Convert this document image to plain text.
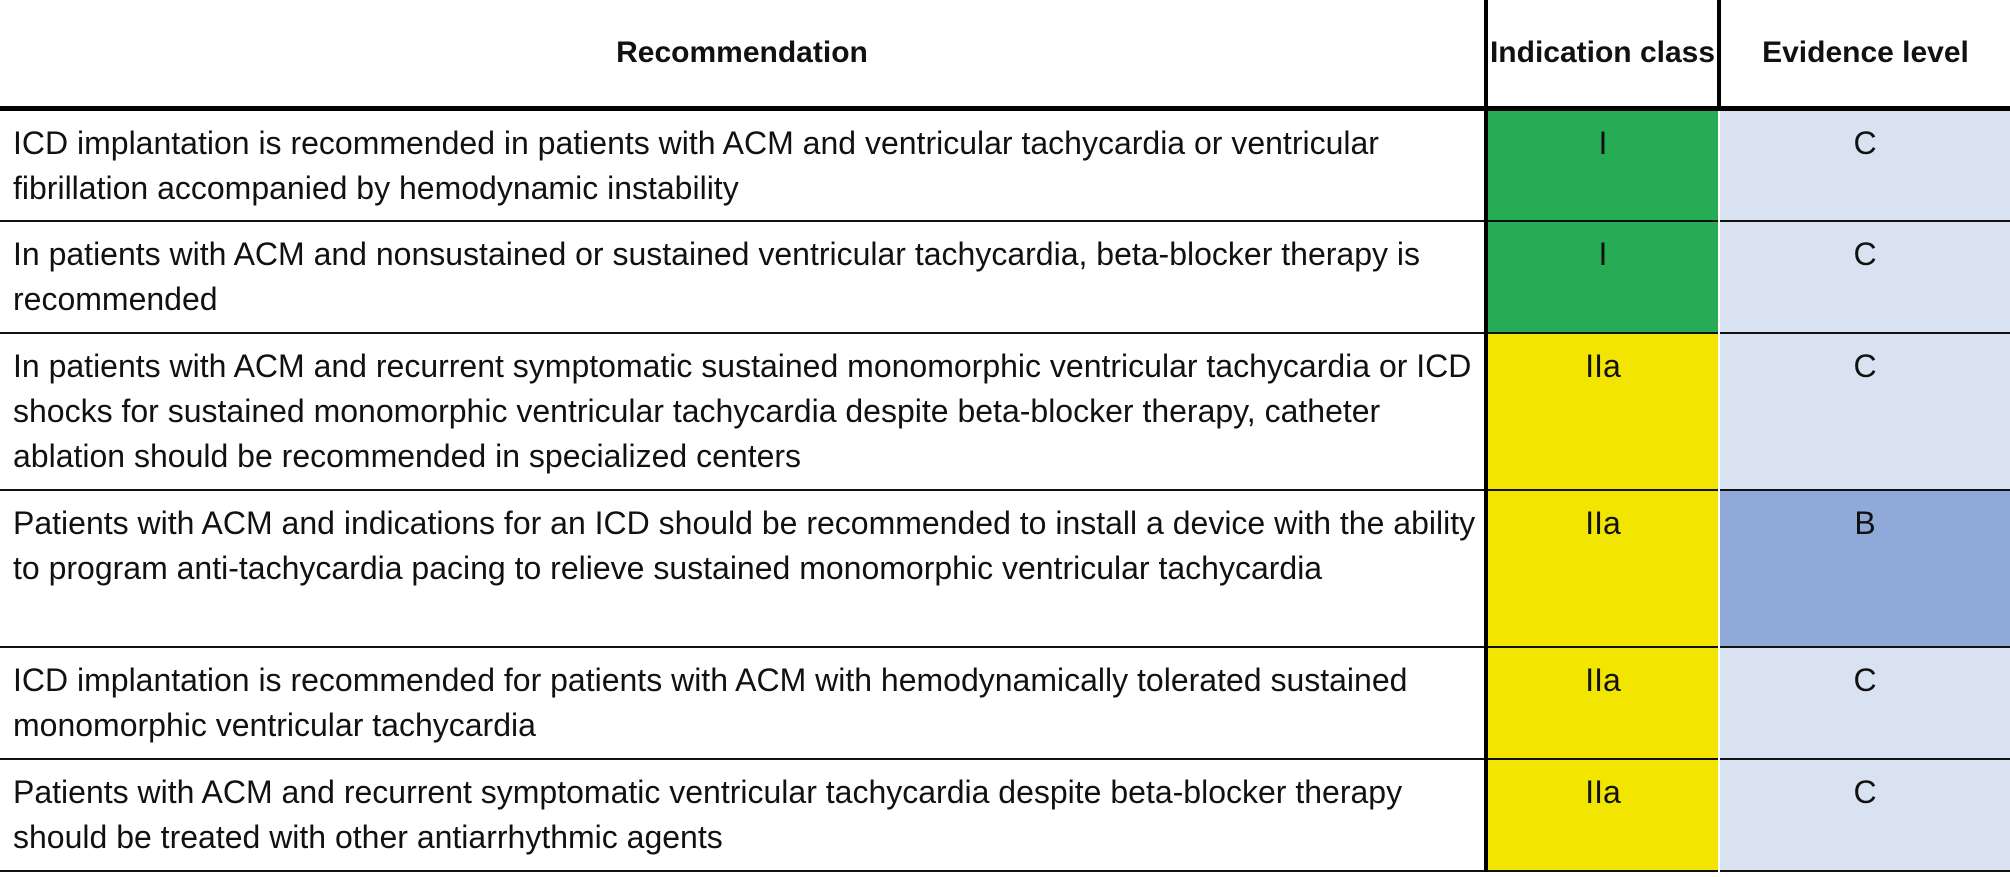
Recommendation	Indication class	Evidence level
ICD implantation is recommended in patients with ACM and ventricular tachycardia or ventricular fibrillation accompanied by hemodynamic instability	I	C
In patients with ACM and nonsustained or sustained ventricular tachycardia, beta-blocker therapy is recommended	I	C
In patients with ACM and recurrent symptomatic sustained monomorphic ventricular tachycardia or ICD shocks for sustained monomorphic ventricular tachycardia despite beta-blocker therapy, catheter ablation should be recommended in specialized centers	IIa	C
Patients with ACM and indications for an ICD should be recommended to install a device with the ability to program anti-tachycardia pacing to relieve sustained monomorphic ventricular tachycardia	IIa	B
ICD implantation is recommended for patients with ACM with hemodynamically tolerated sustained monomorphic ventricular tachycardia	IIa	C
Patients with ACM and recurrent symptomatic ventricular tachycardia despite beta-blocker therapy should be treated with other antiarrhythmic agents	IIa	C
